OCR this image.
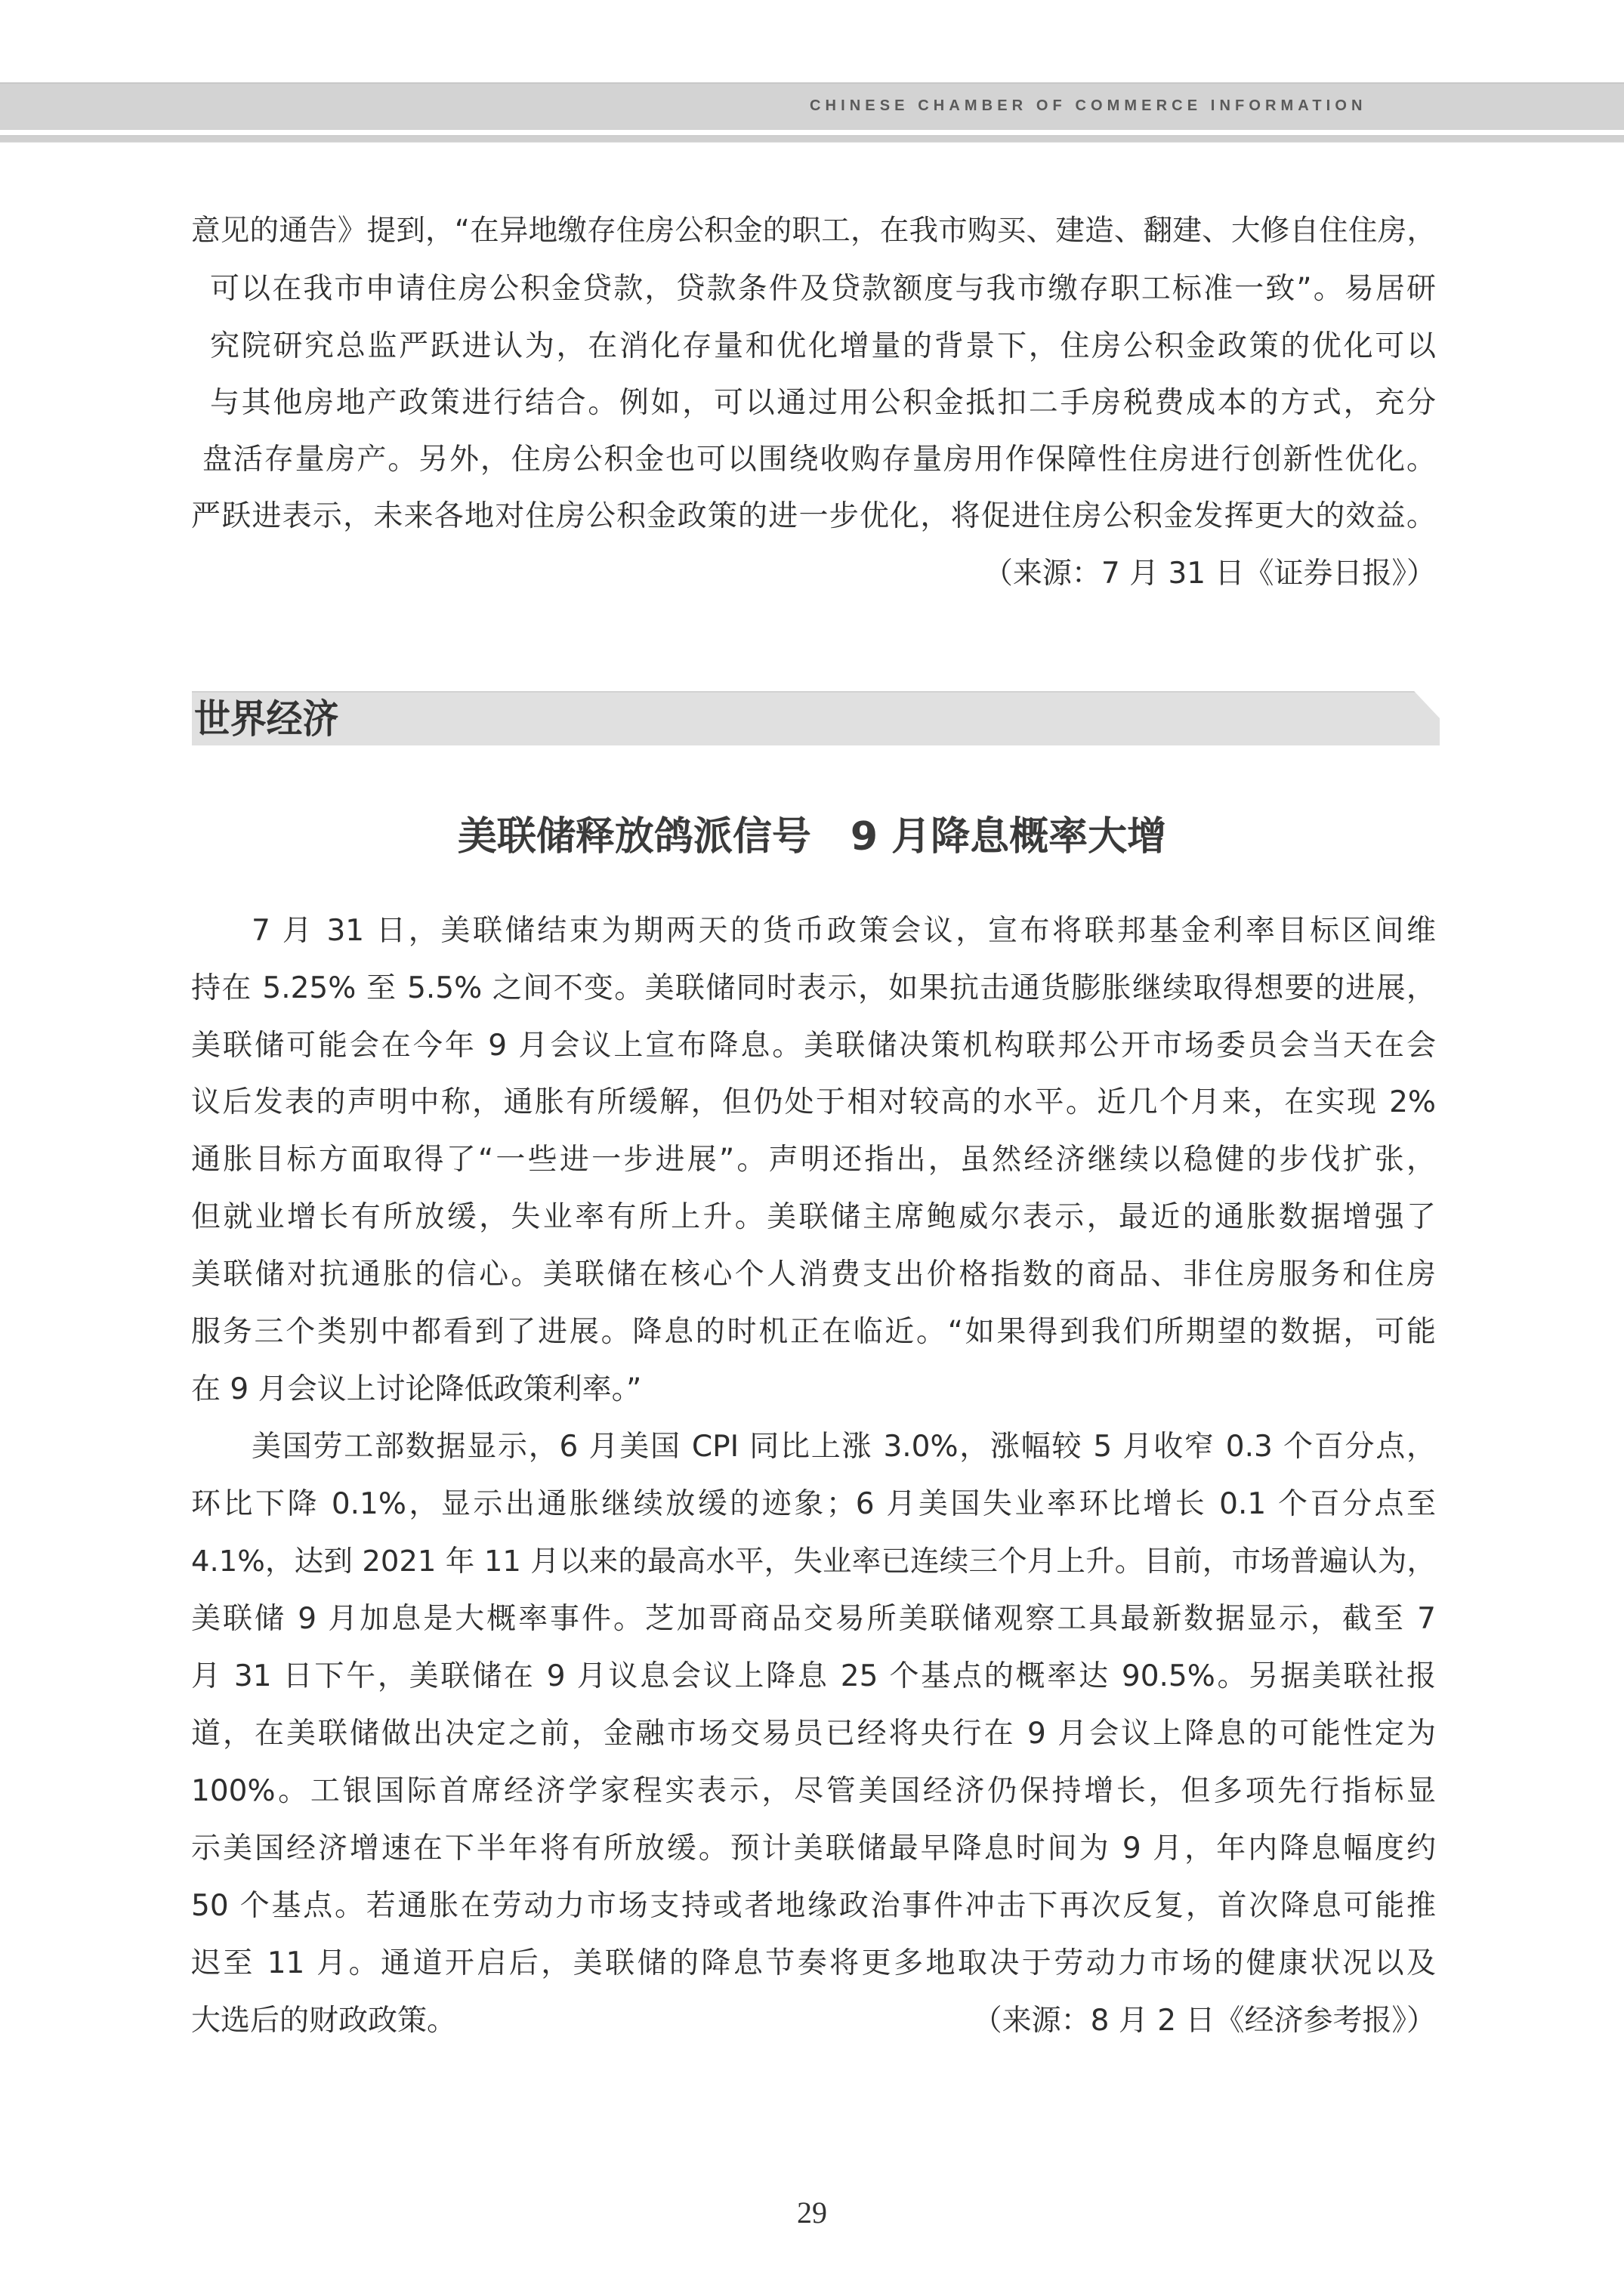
CHINESE CHAMBER OF COMMERCE INFORMATION
意见的通告》提到，“在异地缴存住房公积金的职工，在我市购买、建造、翻建、大修自住住房，
可以在我市申请住房公积金贷款，贷款条件及贷款额度与我市缴存职工标准一致”。易居研
究院研究总监严跃进认为，在消化存量和优化增量的背景下，住房公积金政策的优化可以
与其他房地产政策进行结合。例如，可以通过用公积金抵扣二手房税费成本的方式，充分
盘活存量房产。另外，住房公积金也可以围绕收购存量房用作保障性住房进行创新性优化。
严跃进表示，未来各地对住房公积金政策的进一步优化，将促进住房公积金发挥更大的效益。
（来源：7 月 31 日《证券日报》）
世界经济
美联储释放鸽派信号　9 月降息概率大增
7 月 31 日，美联储结束为期两天的货币政策会议，宣布将联邦基金利率目标区间维
持在 5.25% 至 5.5% 之间不变。美联储同时表示，如果抗击通货膨胀继续取得想要的进展，
美联储可能会在今年 9 月会议上宣布降息。美联储决策机构联邦公开市场委员会当天在会
议后发表的声明中称，通胀有所缓解，但仍处于相对较高的水平。近几个月来，在实现 2%
通胀目标方面取得了“一些进一步进展”。声明还指出，虽然经济继续以稳健的步伐扩张，
但就业增长有所放缓，失业率有所上升。美联储主席鲍威尔表示，最近的通胀数据增强了
美联储对抗通胀的信心。美联储在核心个人消费支出价格指数的商品、非住房服务和住房
服务三个类别中都看到了进展。降息的时机正在临近。“如果得到我们所期望的数据，可能
在 9 月会议上讨论降低政策利率。”
美国劳工部数据显示，6 月美国 CPI 同比上涨 3.0%，涨幅较 5 月收窄 0.3 个百分点，
环比下降 0.1%，显示出通胀继续放缓的迹象；6 月美国失业率环比增长 0.1 个百分点至
4.1%，达到 2021 年 11 月以来的最高水平，失业率已连续三个月上升。目前，市场普遍认为，
美联储 9 月加息是大概率事件。芝加哥商品交易所美联储观察工具最新数据显示，截至 7
月 31 日下午，美联储在 9 月议息会议上降息 25 个基点的概率达 90.5%。另据美联社报
道，在美联储做出决定之前，金融市场交易员已经将央行在 9 月会议上降息的可能性定为
100%。工银国际首席经济学家程实表示，尽管美国经济仍保持增长，但多项先行指标显
示美国经济增速在下半年将有所放缓。预计美联储最早降息时间为 9 月，年内降息幅度约
50 个基点。若通胀在劳动力市场支持或者地缘政治事件冲击下再次反复，首次降息可能推
迟至 11 月。通道开启后，美联储的降息节奏将更多地取决于劳动力市场的健康状况以及
大选后的财政政策。	（来源：8 月 2 日《经济参考报》）
29
